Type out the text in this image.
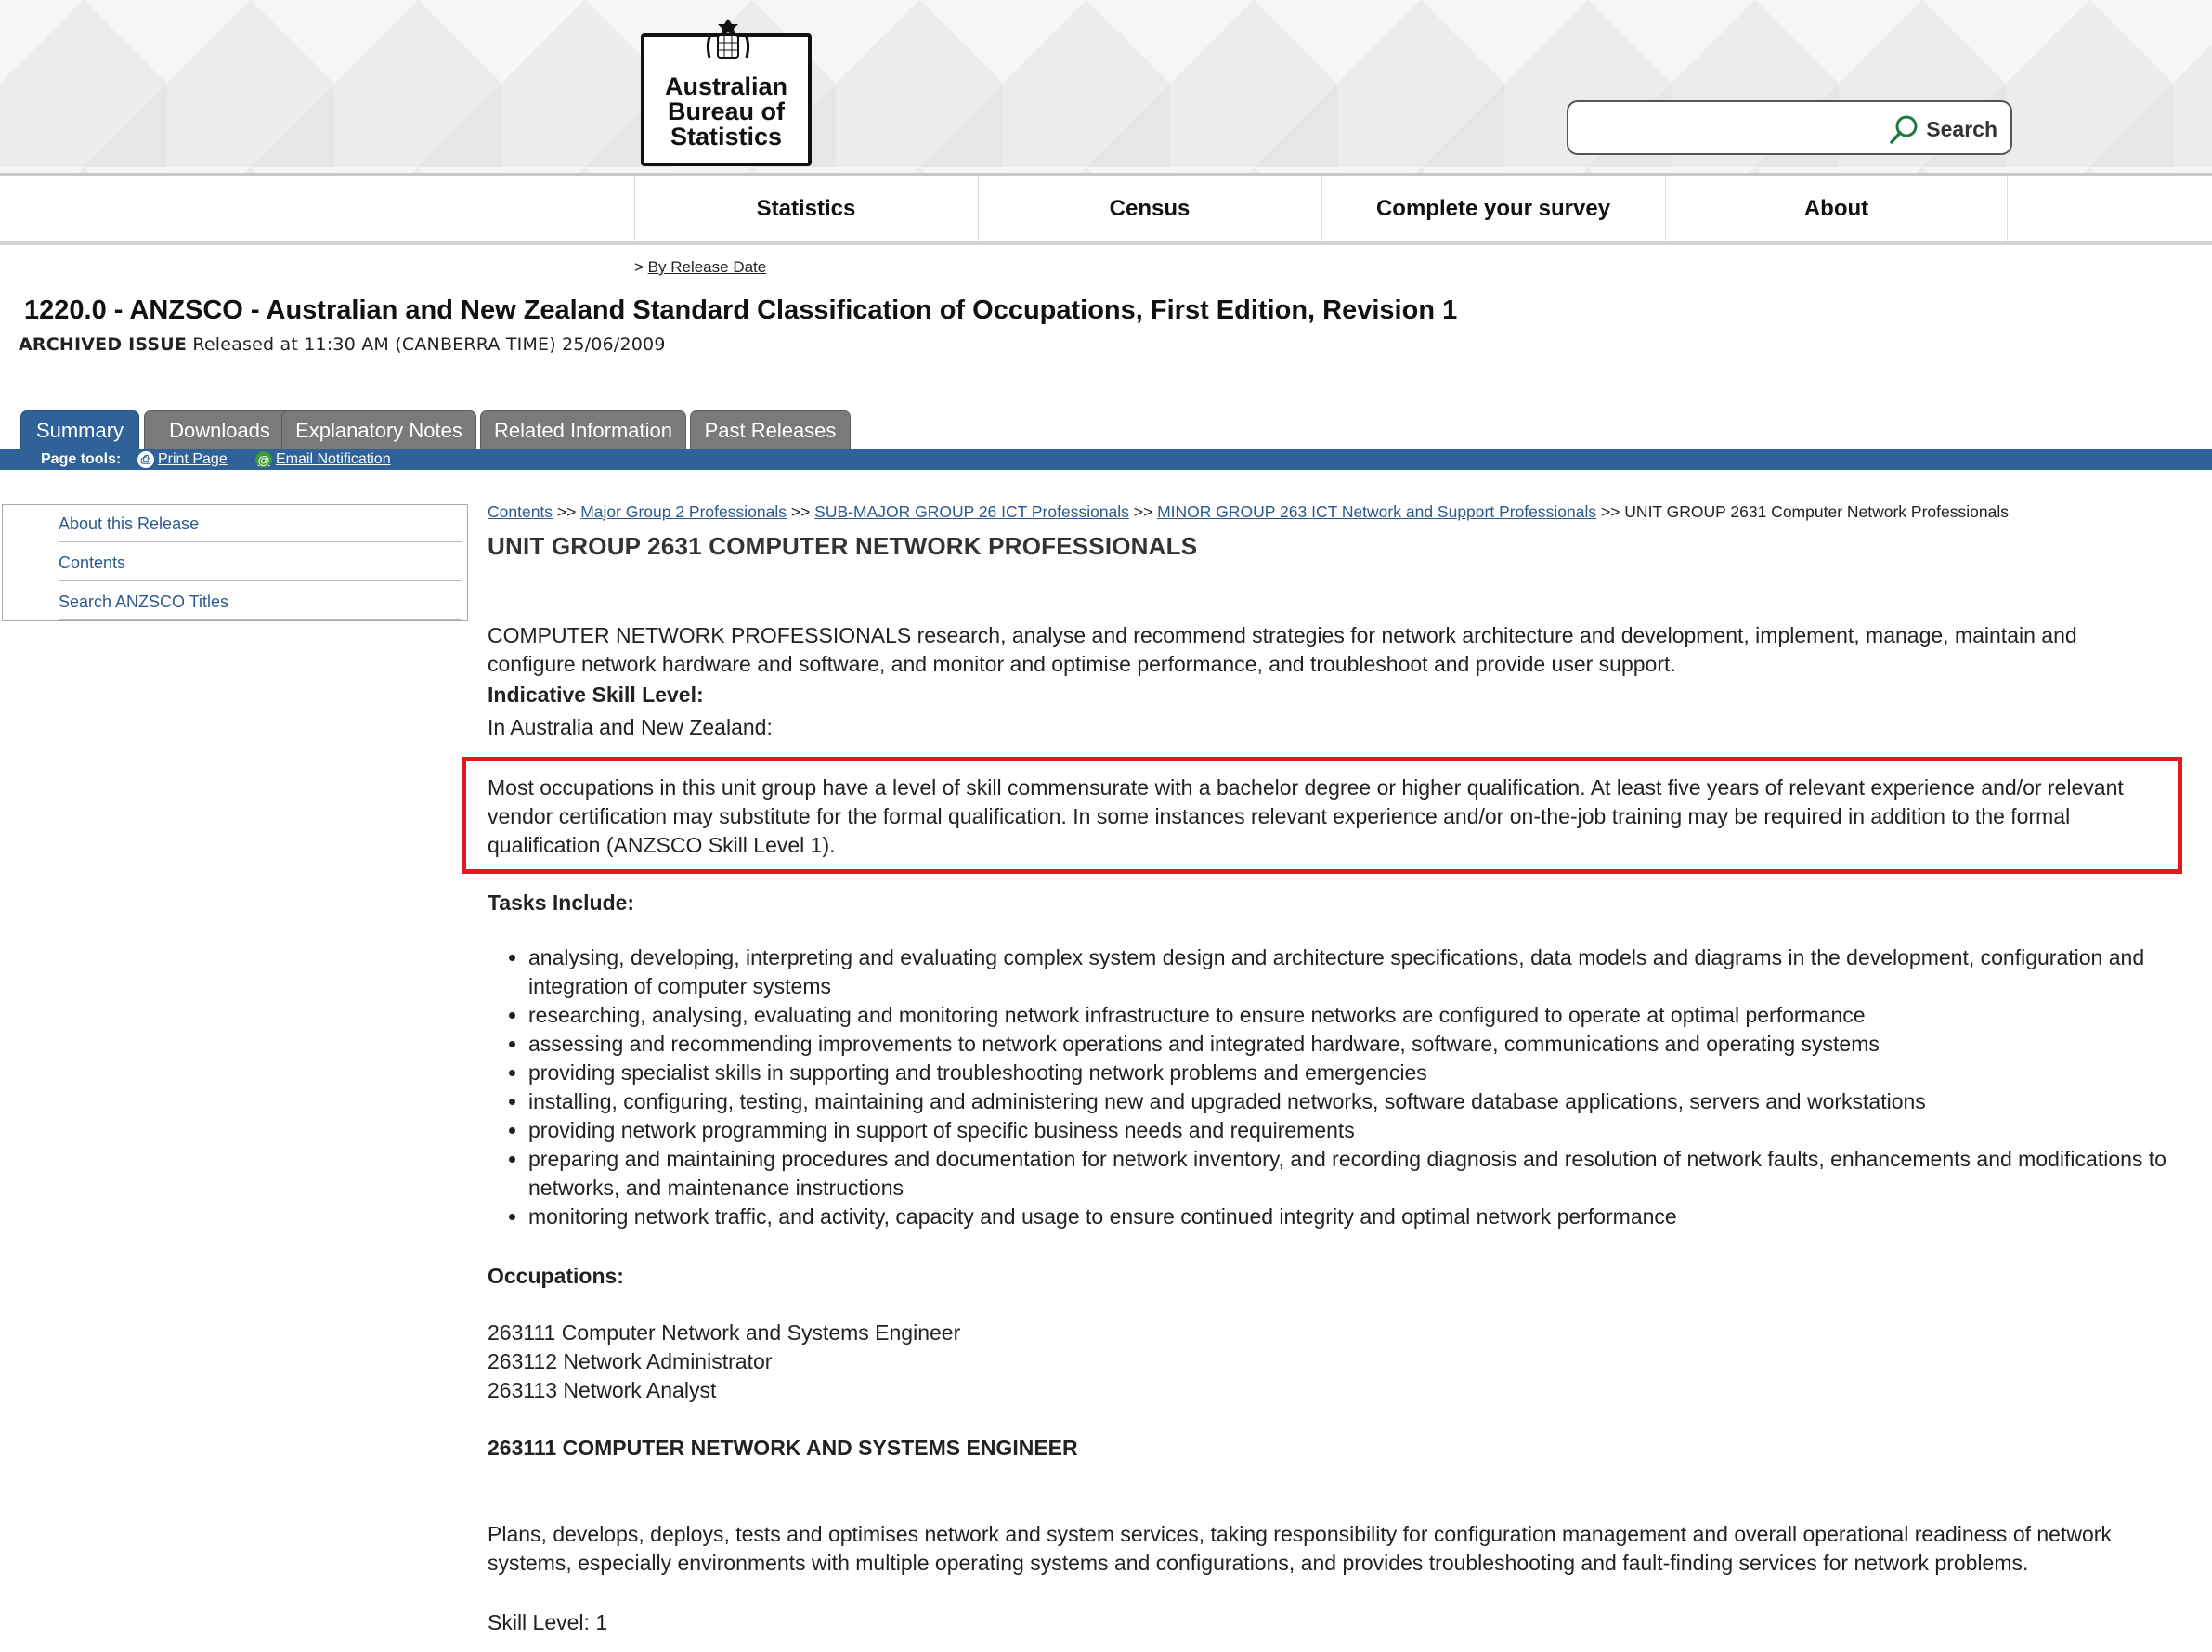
Australian
Bureau of
Statistics	Search
Statistics	Census	Complete your survey	About
> By Release Date
1220.0 - ANZSCO - Australian and New Zealand Standard Classification of Occupations, First Edition, Revision 1
ARCHIVED ISSUE Released at 11:30 AM (CANBERRA TIME) 25/06/2009
Summary	Downloads	Explanatory Notes	Related Information	Past Releases
Page tools: ⎙ Print Page	@ Email Notification
About this Release
Contents
Search ANZSCO Titles
Contents >> Major Group 2 Professionals >> SUB-MAJOR GROUP 26 ICT Professionals >> MINOR GROUP 263 ICT Network and Support Professionals >> UNIT GROUP 2631 Computer Network Professionals
UNIT GROUP 2631 COMPUTER NETWORK PROFESSIONALS
COMPUTER NETWORK PROFESSIONALS research, analyse and recommend strategies for network architecture and development, implement, manage, maintain and configure network hardware and software, and monitor and optimise performance, and troubleshoot and provide user support.
Indicative Skill Level:
In Australia and New Zealand:
Most occupations in this unit group have a level of skill commensurate with a bachelor degree or higher qualification. At least five years of relevant experience and/or relevant vendor certification may substitute for the formal qualification. In some instances relevant experience and/or on-the-job training may be required in addition to the formal qualification (ANZSCO Skill Level 1).
Tasks Include:
• analysing, developing, interpreting and evaluating complex system design and architecture specifications, data models and diagrams in the development, configuration and integration of computer systems
• researching, analysing, evaluating and monitoring network infrastructure to ensure networks are configured to operate at optimal performance
• assessing and recommending improvements to network operations and integrated hardware, software, communications and operating systems
• providing specialist skills in supporting and troubleshooting network problems and emergencies
• installing, configuring, testing, maintaining and administering new and upgraded networks, software database applications, servers and workstations
• providing network programming in support of specific business needs and requirements
• preparing and maintaining procedures and documentation for network inventory, and recording diagnosis and resolution of network faults, enhancements and modifications to networks, and maintenance instructions
• monitoring network traffic, and activity, capacity and usage to ensure continued integrity and optimal network performance
Occupations:
263111 Computer Network and Systems Engineer
263112 Network Administrator
263113 Network Analyst
263111 COMPUTER NETWORK AND SYSTEMS ENGINEER
Plans, develops, deploys, tests and optimises network and system services, taking responsibility for configuration management and overall operational readiness of network systems, especially environments with multiple operating systems and configurations, and provides troubleshooting and fault-finding services for network problems.
Skill Level: 1
